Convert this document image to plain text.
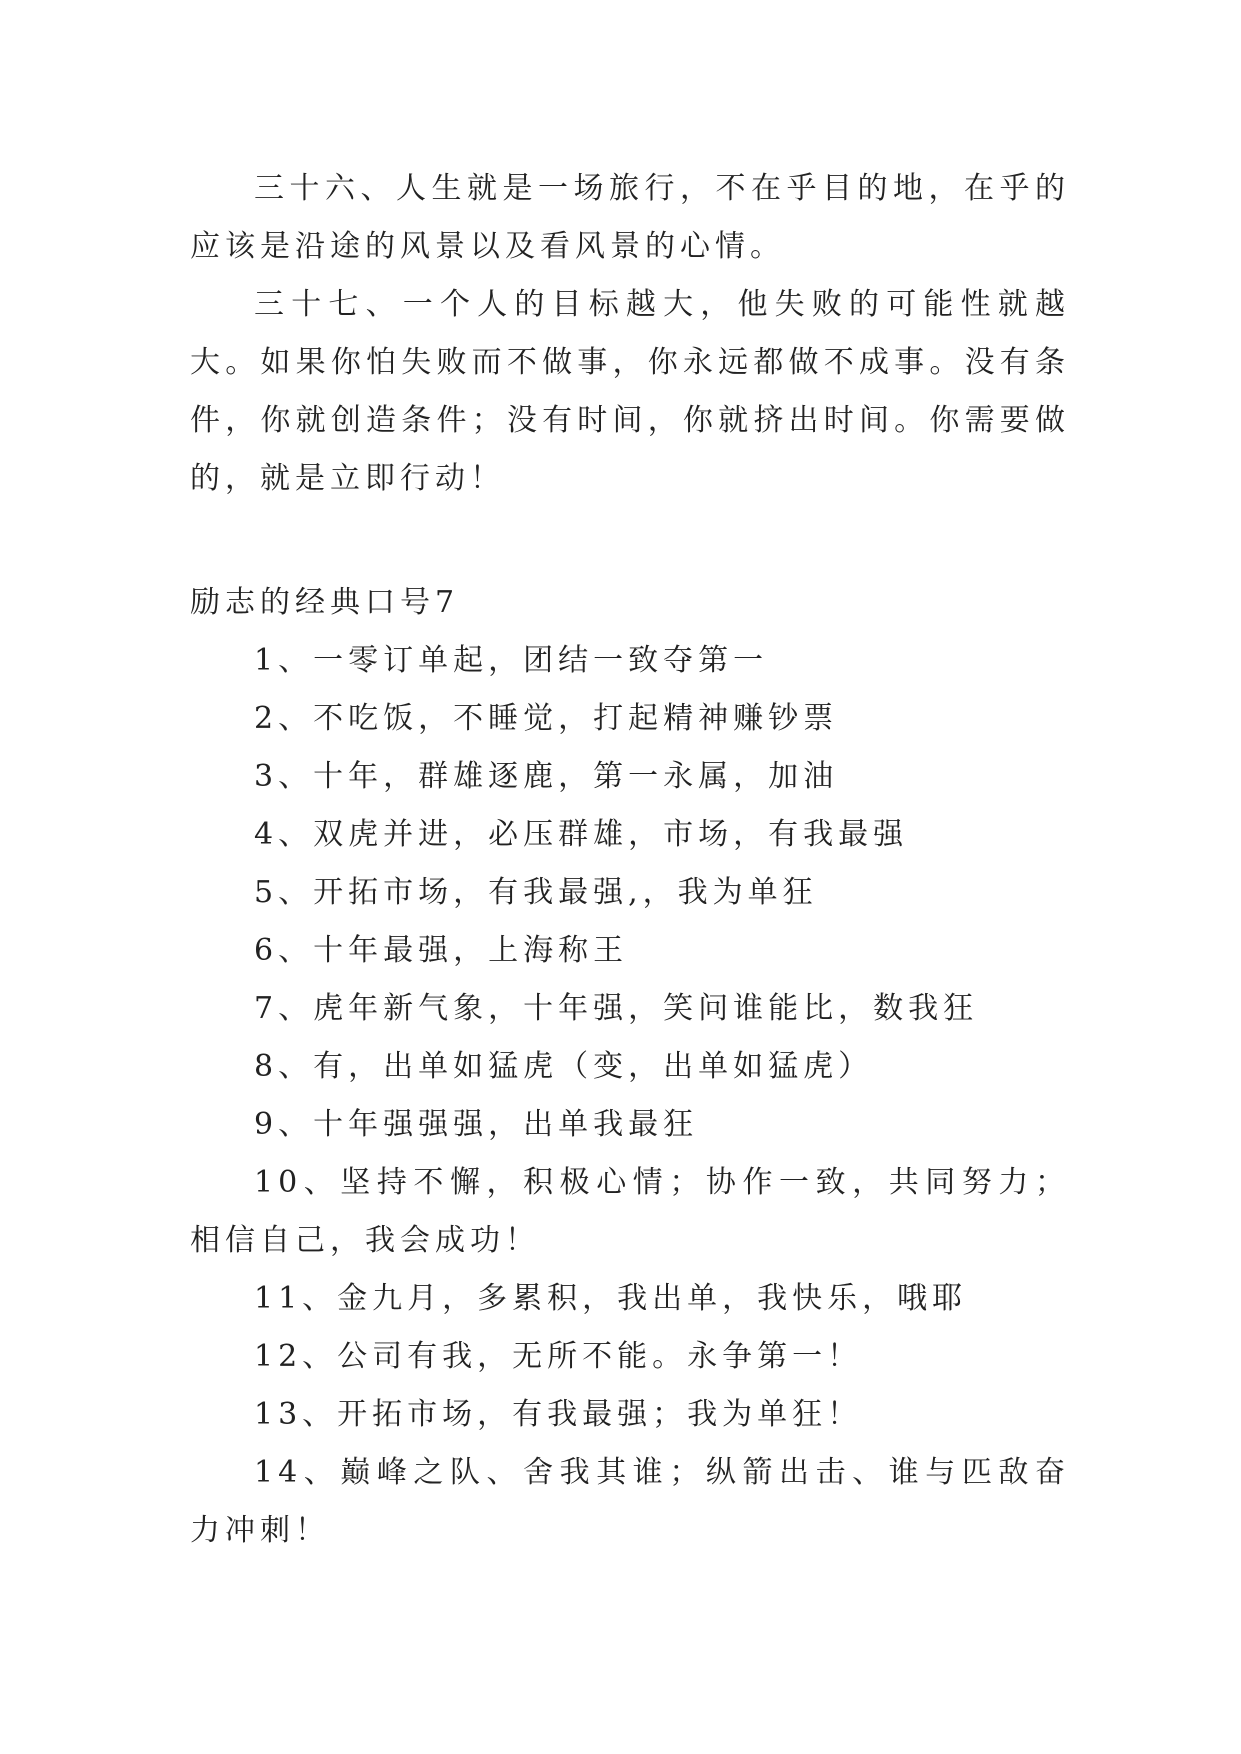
三十六、人生就是一场旅行，不在乎目的地，在乎的应该是沿途的风景以及看风景的心情。

三十七、一个人的目标越大，他失败的可能性就越大。如果你怕失败而不做事，你永远都做不成事。没有条件，你就创造条件；没有时间，你就挤出时间。你需要做的，就是立即行动！

励志的经典口号7

1、一零订单起，团结一致夺第一

2、不吃饭，不睡觉，打起精神赚钞票

3、十年，群雄逐鹿，第一永属，加油

4、双虎并进，必压群雄，市场，有我最强

5、开拓市场，有我最强,，我为单狂

6、十年最强，上海称王

7、虎年新气象，十年强，笑问谁能比，数我狂

8、有，出单如猛虎（变，出单如猛虎）

9、十年强强强，出单我最狂

10、坚持不懈，积极心情；协作一致，共同努力；相信自己，我会成功！

11、金九月，多累积，我出单，我快乐，哦耶

12、公司有我，无所不能。永争第一！

13、开拓市场，有我最强；我为单狂！

14、巅峰之队、舍我其谁；纵箭出击、谁与匹敌奋力冲刺！
